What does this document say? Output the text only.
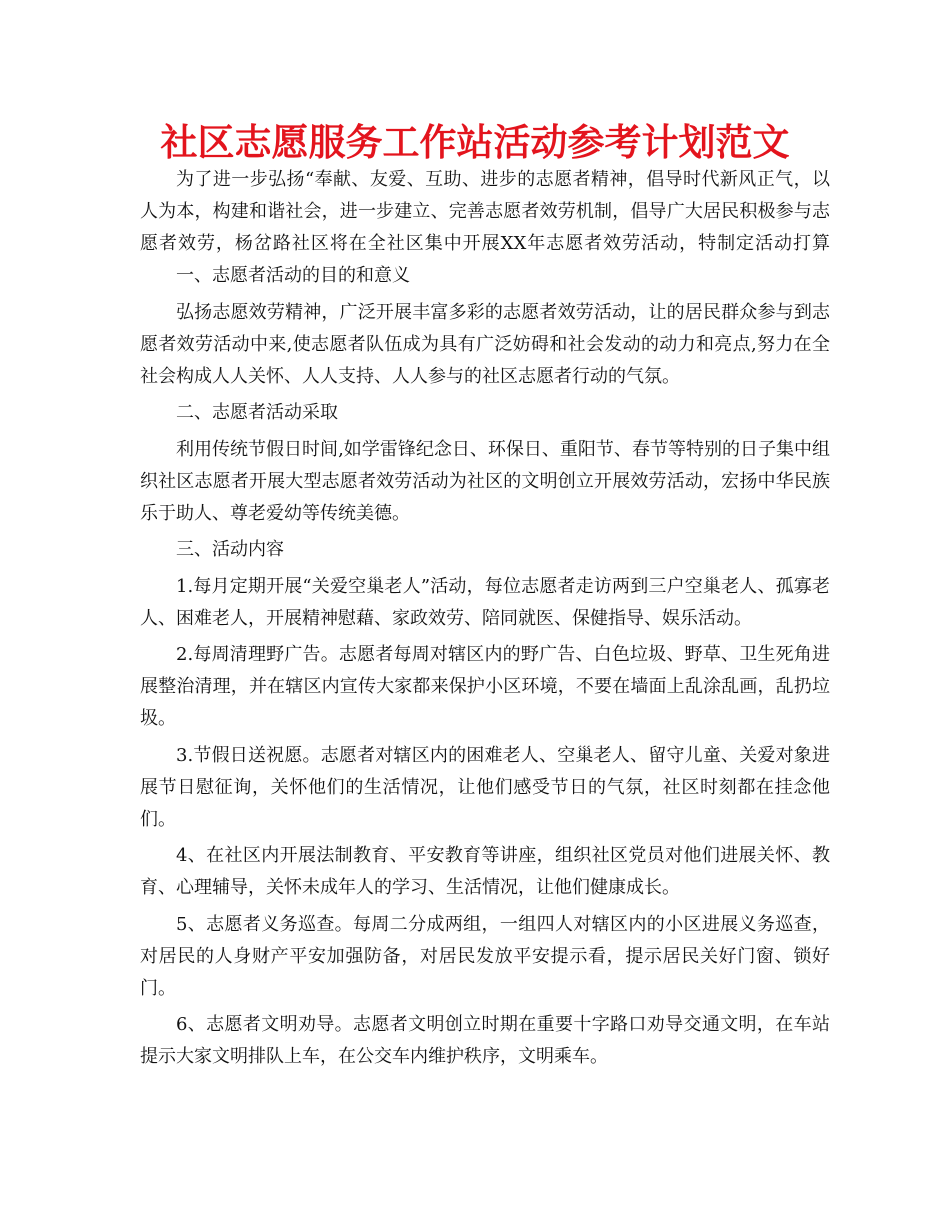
社区志愿服务工作站活动参考计划范文

为了进一步弘扬“奉献、友爱、互助、进步的志愿者精神，倡导时代新风正气，以人为本，构建和谐社会，进一步建立、完善志愿者效劳机制，倡导广大居民积极参与志愿者效劳，杨岔路社区将在全社区集中开展XX年志愿者效劳活动，特制定活动打算一、志愿者活动的目的和意义

弘扬志愿效劳精神，广泛开展丰富多彩的志愿者效劳活动，让的居民群众参与到志愿者效劳活动中来,使志愿者队伍成为具有广泛妨碍和社会发动的动力和亮点,努力在全社会构成人人关怀、人人支持、人人参与的社区志愿者行动的气氛。

二、志愿者活动采取

利用传统节假日时间,如学雷锋纪念日、环保日、重阳节、春节等特别的日子集中组织社区志愿者开展大型志愿者效劳活动为社区的文明创立开展效劳活动，宏扬中华民族乐于助人、尊老爱幼等传统美德。

三、活动内容

1.每月定期开展“关爱空巢老人”活动，每位志愿者走访两到三户空巢老人、孤寡老人、困难老人，开展精神慰藉、家政效劳、陪同就医、保健指导、娱乐活动。

2.每周清理野广告。志愿者每周对辖区内的野广告、白色垃圾、野草、卫生死角进展整治清理，并在辖区内宣传大家都来保护小区环境，不要在墙面上乱涂乱画，乱扔垃圾。

3.节假日送祝愿。志愿者对辖区内的困难老人、空巢老人、留守儿童、关爱对象进展节日慰征询，关怀他们的生活情况，让他们感受节日的气氛，社区时刻都在挂念他们。

4、在社区内开展法制教育、平安教育等讲座，组织社区党员对他们进展关怀、教育、心理辅导，关怀未成年人的学习、生活情况，让他们健康成长。

5、志愿者义务巡查。每周二分成两组，一组四人对辖区内的小区进展义务巡查，对居民的人身财产平安加强防备，对居民发放平安提示看，提示居民关好门窗、锁好门。

6、志愿者文明劝导。志愿者文明创立时期在重要十字路口劝导交通文明，在车站提示大家文明排队上车，在公交车内维护秩序，文明乘车。
